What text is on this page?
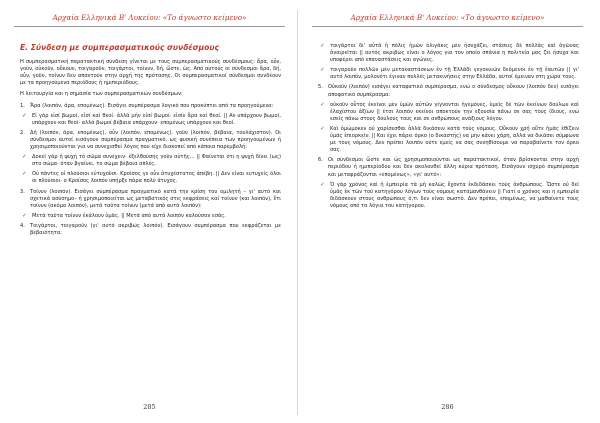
Αρχαία Ελληνικά Β' Λυκείου: «Το άγνωστο κείμενο»
Ε. Σύνδεση με συμπερασματικούς συνδέσμους

Η συμπερασματική παρατακτική σύνδεση γίνεται με τους συμπερασματικούς συνδέσμους: ἄρα, οὖν, γοῦν, οὐκοῦν, οὔκουν, τοιγαροῦν, τοιγάρτοι, τοίνυν, δή, ὥστε, ὡς. Από αυτούς οι σύνδεσμοι ἄρα, δή, οὖν, γοῦν, τοίνυν δεν απαντούν στην αρχή της πρότασης. Οι συμπερασματικοί σύνδεσμοι συνδέουν με τα προηγούμενα περιόδους ή ημιπεριόδους.

Η λειτουργία και η σημασία των συμπερασματικών συνδέσμων:

1. Ἄρα (λοιπόν, άρα, επομένως). Εισάγει συμπέρασμα λογικό που προκύπτει από τα προηγούμενα:
✓ Εἰ γὰρ εἰσί βωμοί, εἰσί καί θεοί· ἀλλά μήν εἰσί βωμοί· εἰσίν ἄρα καί θεοί. || Αν υπάρχουν βωμοί, υπάρχουν και θεοί· αλλά βωμοί βέβαια υπάρχουν· επομένως υπάρχουν και θεοί.
2. Δή (λοιπόν, άρα, επομένως), οὖν (λοιπόν, επομένως), γοῦν (λοιπόν, βέβαια, τουλάχιστον). Οι σύνδεσμοι αυτοί εισάγουν συμπέρασμα πραγματικό, ως φυσική συνέπεια των προηγουμένων ή χρησιμοποιούνται για να συνεχισθεί λόγος που είχε διακοπεί από κάποια παρεμβολή:
✓ Δοκεῖ γάρ ἡ ψυχή τὸ σῶμα συνέχειν· ἐξελθούσης γοῦν αὐτῆς... || Φαίνεται ότι η ψυχή δίνει (ως) στο σώμα· όταν βγαίνει, το σώμα βέβαια απλές.
✓ Οὐ πάντες οἱ πλούσιοι εὐτυχοῦσι· Κροῖσος γε οὖν ἀτυχέστατος ἀπέβη. || Δεν είναι ευτυχείς όλοι οι πλούσιοι· ο Κροίσος λοιπόν υπήρξε πάρα πολύ άτυχος.
3. Τοίνυν (λοιπόν). Εισάγει συμπέρασμα πραγματικό κατά την κρίση του ομιλητή – γι' αυτό και σχετικά ασύσημο– ή χρησιμοποιείται ως μεταβατικός στις εκφράσεις καί τοίνυν (και λοιπόν), ἔτι τοίνυν (ακόμα λοιπόν), μετά ταῦτα τοίνυν (μετά από αυτά λοιπόν):
✓ Μετὰ ταῦτα τοίνυν ἐκάλουν ὑμᾶς. || Μετά από αυτά λοιπόν καλούσαν εσάς.
4. Τοιγάρτοι, τοιγαροῦν (γι' αυτό ακριβώς λοιπόν). Εισάγουν συμπέρασμα που εκφράζεται με βεβαιότητα:
285
Αρχαία Ελληνικά Β' Λυκείου: «Το άγνωστο κείμενο»
✓ τοιγάρτοι δι' αὐτὰ ἡ πόλις ἡμῶν ὀλιγάκις μὲν ἠσυχάζει, στάσεις δὲ πολλὰς καὶ ἀγῶνας ἀναιρεῖται || αυτός ακριβώς είναι ο λόγος για τον οποίο σπάνια η πολιτεία μας ζει ήσυχα και υποφέρει από επαναστάσεις και αγώνες.
✓ τοιγαροῦν πολλῶν μὲν μεταναστάσεων ἐν τῇ Ἑλλάδι γεγονυιῶν δεόμενοι ἐν τῇ ἐαυτῶν || γι' αυτό λοιπόν, μολονότι έγιναν πολλές μετακινήσεις στην Ελλάδα, αυτοί έμειναν στη χώρα τους.
5. Οὐκοῦν (λοιπόν) εισάγει καταφατικό συμπέρασμα, ενώ ο σύνδεσμος οὔκουν (λοιπόν δεν) εισάγει αποφατικό συμπέρασμα:
✓ οὐκοῦν οὗτος ἐκεῖνοι μὲν ὑμῶν αὐτῶν γίγνονται ἡγεμόνες, ὑμεῖς δὲ τῶν ἐκείνων δούλων καὶ ἐλαχίστου ἀξίων || έτσι λοιπόν εκείνοι αποκτούν την εξουσία πάνω σε σας τους ίδιους, ενώ εσείς πάνω στους δούλους τους και σε ανθρώπους ανάξιους λόγου.
✓ Καὶ ὀμώμοκεν οὐ χαρίσεσθαι ἀλλὰ δικάσειν κατὰ τοὺς νόμους. Οὔκουν χρή οὔτε ἡμᾶς ἐθίζειν ὑμᾶς ἐπιορκεῖν. || Και έχει πάρει όρκο (ο δικαστής) να μην κάνει χάρη, αλλά να δικάσει σύμφωνα με τους νόμους. Δεν πρέπει λοιπόν ούτε εμείς να σας συνηθίσουμε να παραβαίνετε τον όρκο σας.
6. Οι σύνδεσμοι ὥστε και ὡς χρησιμοποιούνται ως παρατακτικοί, όταν βρίσκονται στην αρχή περιόδου ή ημιπερίοδου και δεν ακολουθεί άλλη κύρια πρόταση. Εισάγουν ισχυρό συμπέρασμα και μεταφράζονται «επομένως», «γι' αυτό»:
✓ Ὁ γὰρ χρόνος καὶ ἡ ἐμπειρία τὰ μὴ καλῶς ἔχοντα ἐκδιδάσκει τοὺς ἀνθρώπους. Ὥστε οὐ δεῖ ὑμᾶς ἐκ τῶν τοῦ κατηγόρου λόγων τοὺς νόμους καταμανθάνειν || Γιατί ο χρόνος και η εμπειρία διδάσκουν στους ανθρώπους ό,τι δεν είναι σωστό. Δεν πρέπει, επομένως, να μαθαίνετε τους νόμους από τα λόγια του κατήγορου.
286
